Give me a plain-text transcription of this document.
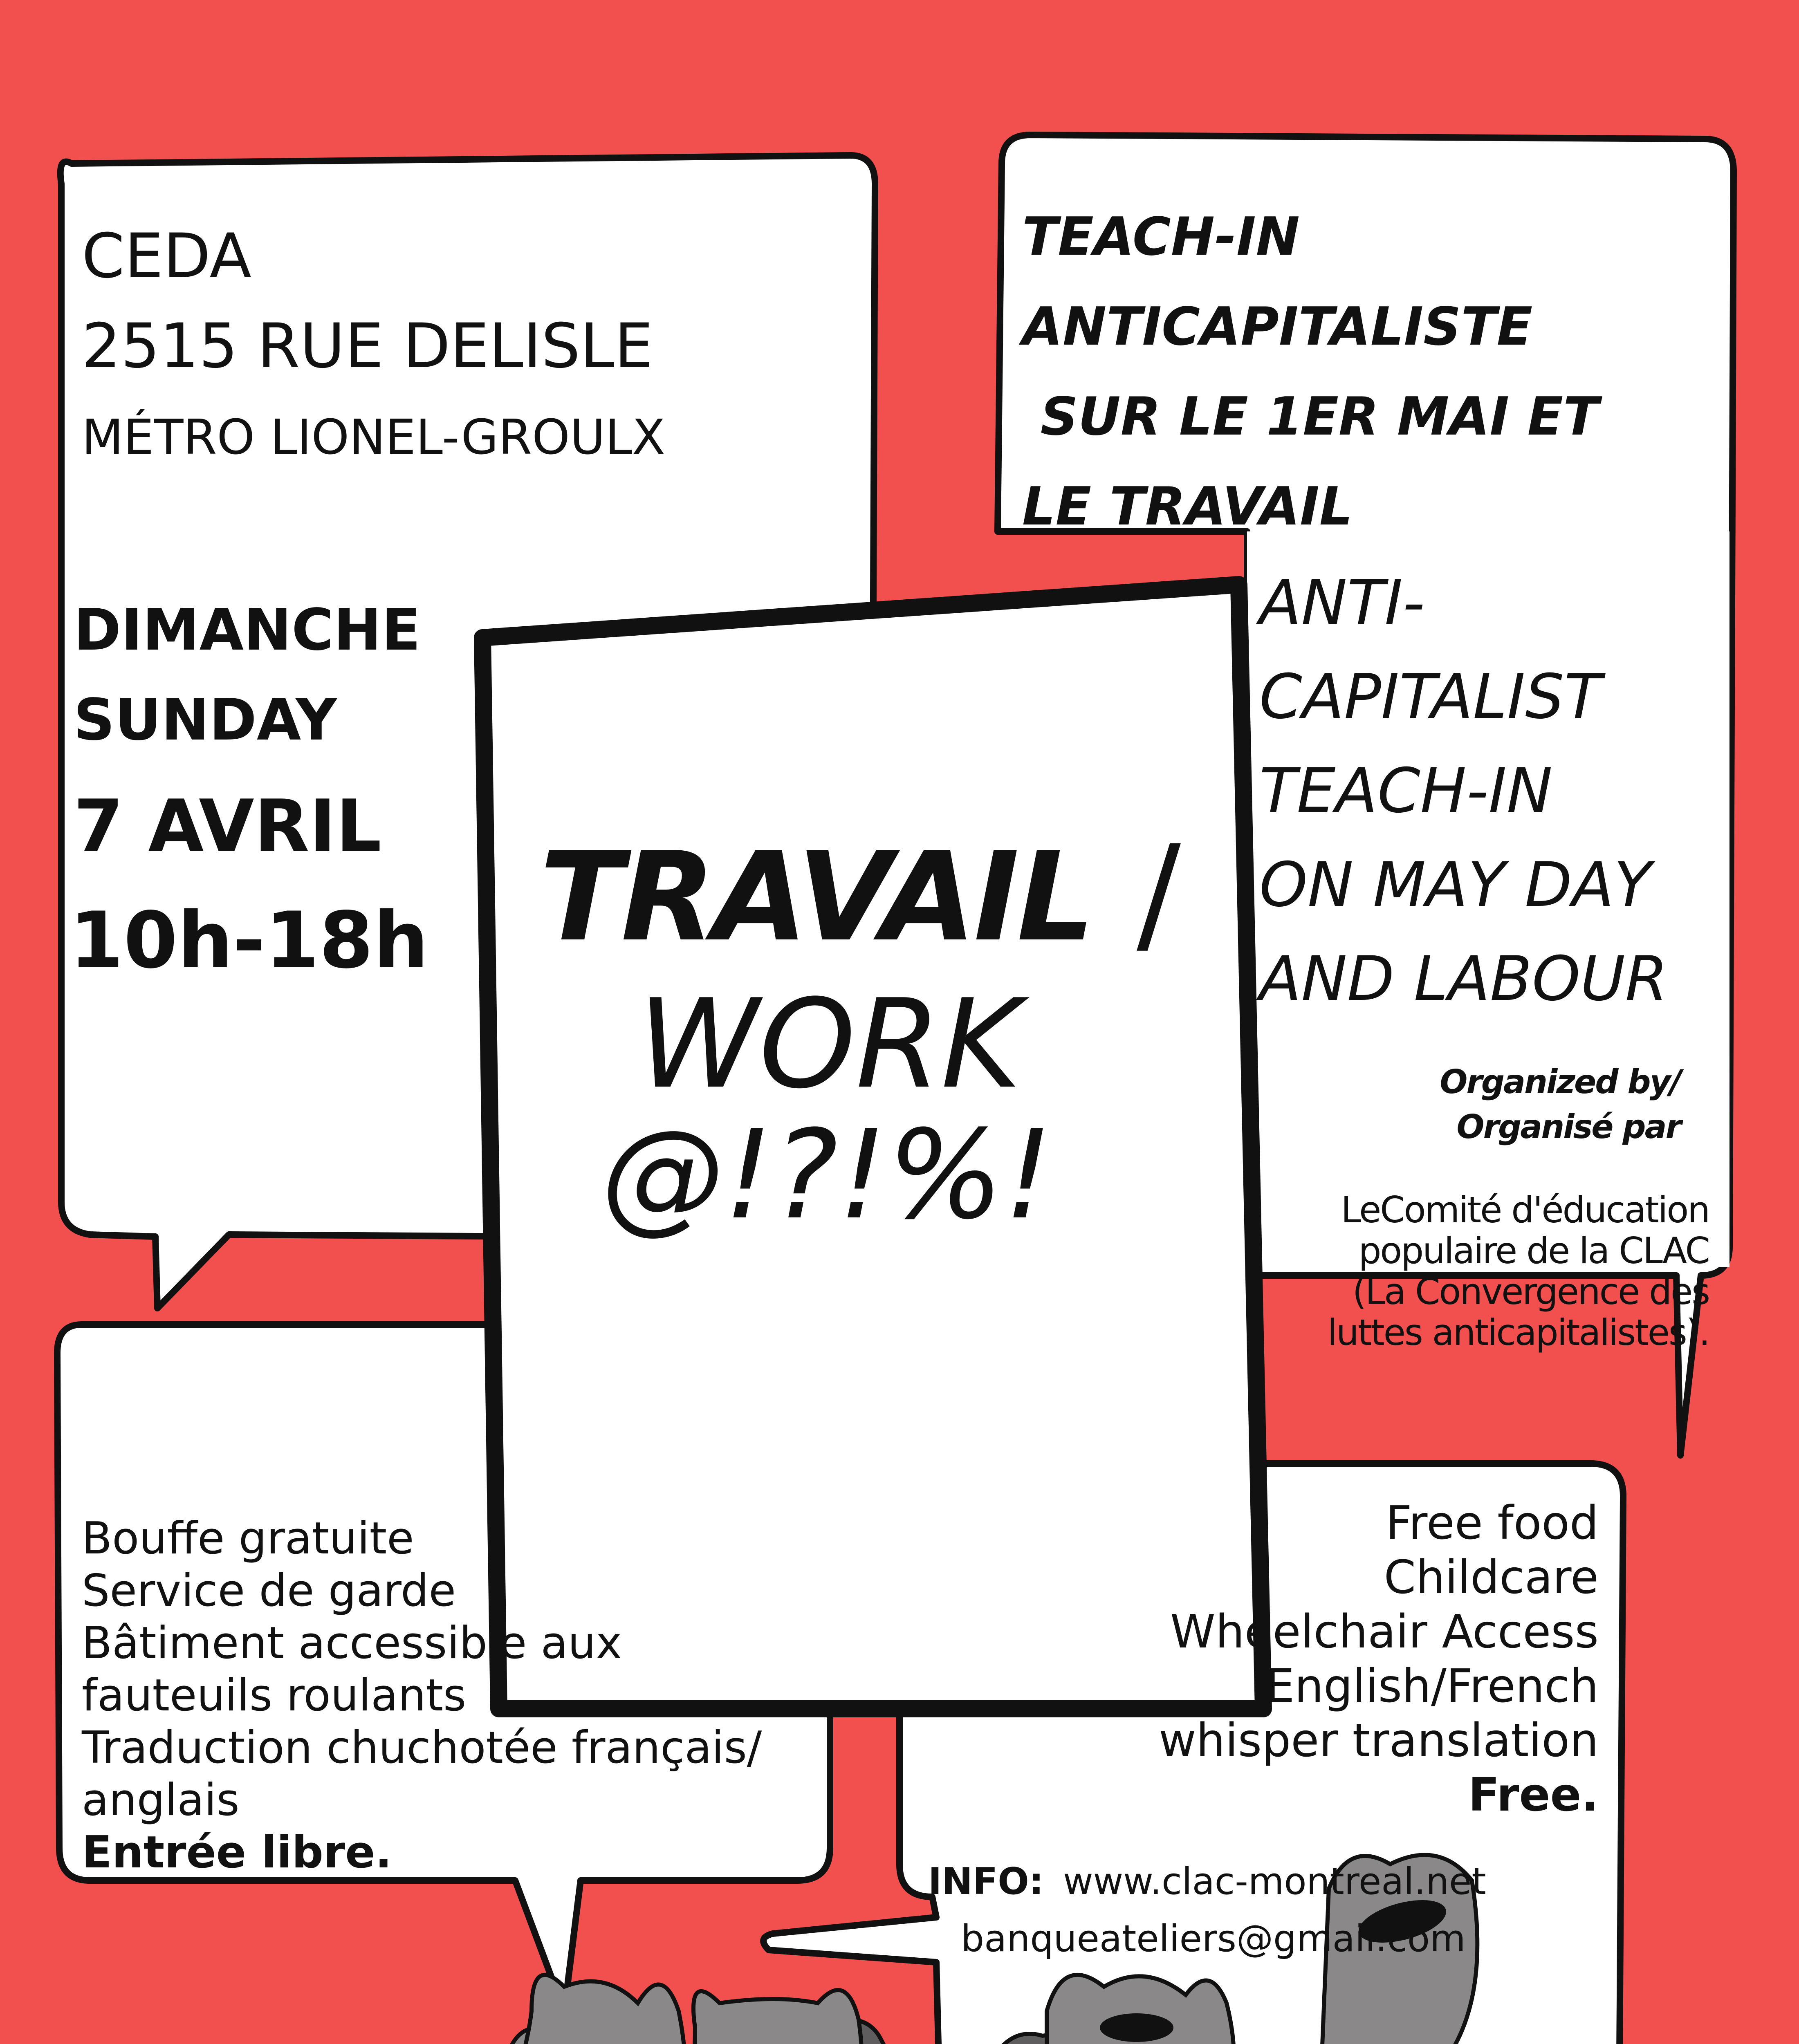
CEDA
2515 RUE DELISLE
MÉTRO LIONEL-GROULX
DIMANCHE
SUNDAY
7 AVRIL
10h-18h
TEACH-IN
ANTICAPITALISTE
SUR LE 1ER MAI ET
LE TRAVAIL
ANTI-
CAPITALIST
TEACH-IN
ON MAY DAY
AND LABOUR
TRAVAIL /
WORK
@!?!%!
Organized by/
Organisé par
LeComité d'éducation
populaire de la CLAC
(La Convergence des
luttes anticapitalistes).
Bouffe gratuite
Service de garde
Bâtiment accessible aux
fauteuils roulants
Traduction chuchotée français/
anglais
Entrée libre.
Free food
Childcare
Wheelchair Access
English/French
whisper translation
Free.
INFO: www.clac-montreal.net
banqueateliers@gmail.com
